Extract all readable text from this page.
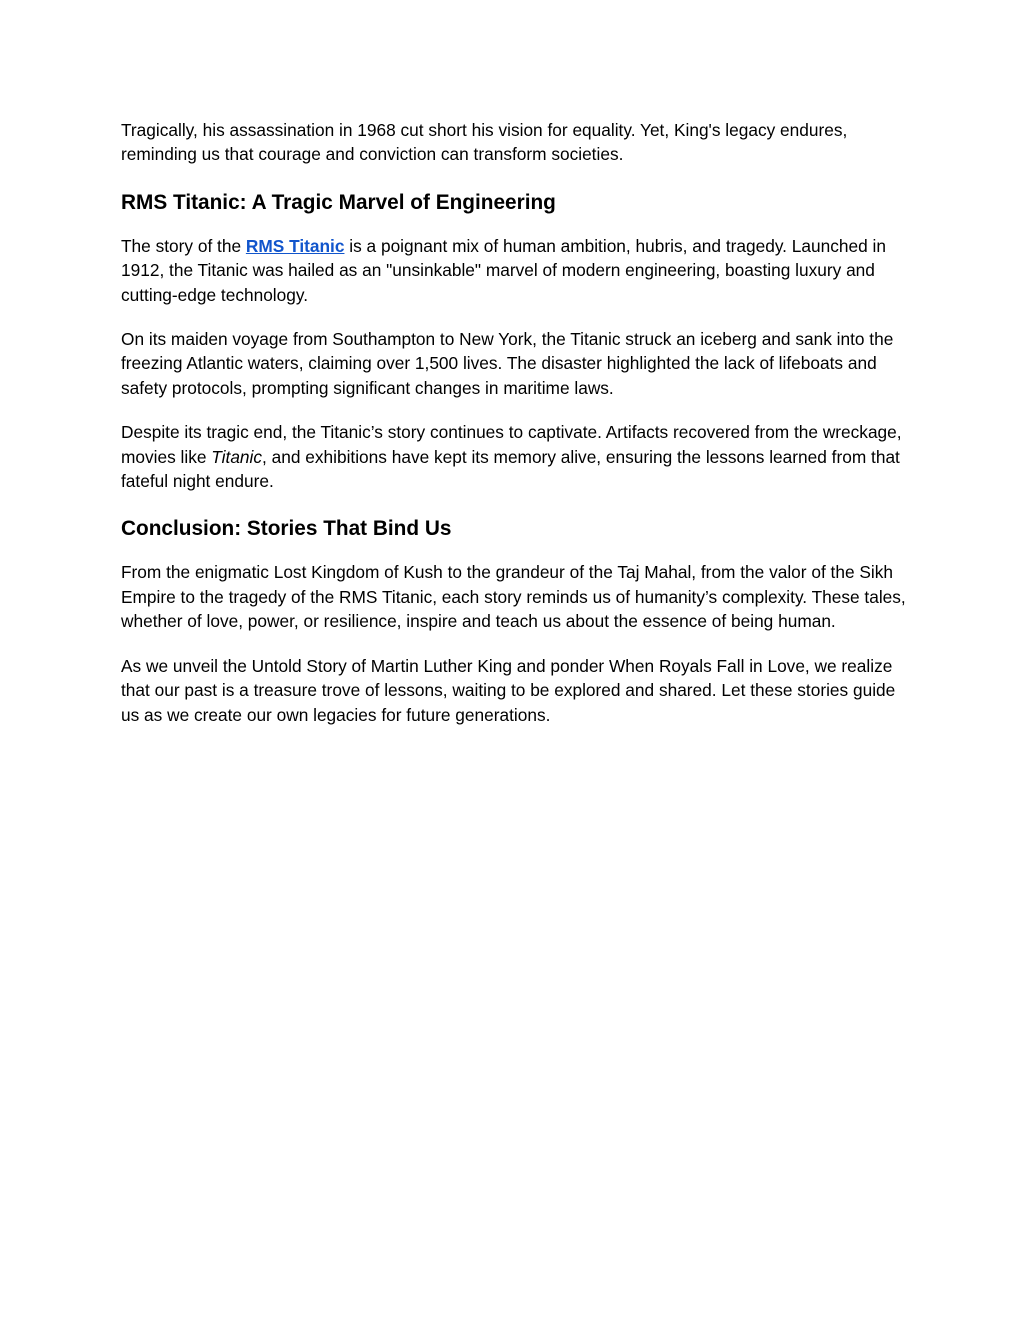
Tragically, his assassination in 1968 cut short his vision for equality. Yet, King's legacy endures, reminding us that courage and conviction can transform societies.

RMS Titanic: A Tragic Marvel of Engineering

The story of the RMS Titanic is a poignant mix of human ambition, hubris, and tragedy. Launched in 1912, the Titanic was hailed as an "unsinkable" marvel of modern engineering, boasting luxury and cutting-edge technology.

On its maiden voyage from Southampton to New York, the Titanic struck an iceberg and sank into the freezing Atlantic waters, claiming over 1,500 lives. The disaster highlighted the lack of lifeboats and safety protocols, prompting significant changes in maritime laws.

Despite its tragic end, the Titanic’s story continues to captivate. Artifacts recovered from the wreckage, movies like Titanic, and exhibitions have kept its memory alive, ensuring the lessons learned from that fateful night endure.

Conclusion: Stories That Bind Us

From the enigmatic Lost Kingdom of Kush to the grandeur of the Taj Mahal, from the valor of the Sikh Empire to the tragedy of the RMS Titanic, each story reminds us of humanity’s complexity. These tales, whether of love, power, or resilience, inspire and teach us about the essence of being human.

As we unveil the Untold Story of Martin Luther King and ponder When Royals Fall in Love, we realize that our past is a treasure trove of lessons, waiting to be explored and shared. Let these stories guide us as we create our own legacies for future generations.
